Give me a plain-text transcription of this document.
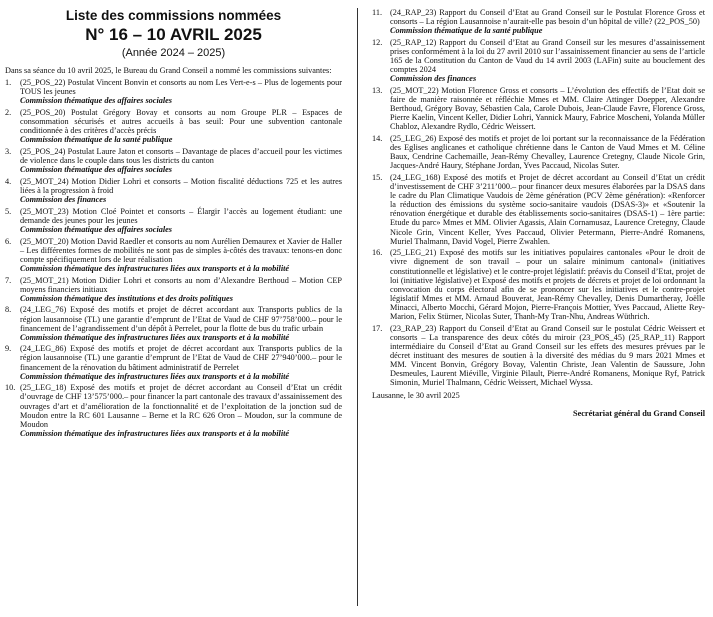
Liste des commissions nommées

N° 16 – 10 AVRIL 2025

(Année 2024 – 2025)

Dans sa séance du 10 avril 2025, le Bureau du Grand Conseil a nommé les commissions suivantes:

1. (25_POS_22) Postulat Vincent Bonvin et consorts au nom Les Vert-e-s – Plus de logements pour TOUS les jeunes
Commission thématique des affaires sociales
2. (25_POS_20) Postulat Grégory Bovay et consorts au nom Groupe PLR – Espaces de consommation sécurisés et autres accueils à bas seuil: Pour une subvention cantonale conditionnée à des critères d’accès précis
Commission thématique de la santé publique
3. (25_POS_24) Postulat Laure Jaton et consorts – Davantage de places d’accueil pour les victimes de violence dans le couple dans tous les districts du canton
Commission thématique des affaires sociales
4. (25_MOT_24) Motion Didier Lohri et consorts – Motion fiscalité déductions 725 et les autres liées à la progression à froid
Commission des finances
5. (25_MOT_23) Motion Cloé Pointet et consorts – Élargir l’accès au logement étudiant: une demande des jeunes pour les jeunes
Commission thématique des affaires sociales
6. (25_MOT_20) Motion David Raedler et consorts au nom Aurélien Demaurex et Xavier de Haller – Les différentes formes de mobilités ne sont pas de simples à-côtés des travaux: tenons-en donc compte spécifiquement lors de leur réalisation
Commission thématique des infrastructures liées aux transports et à la mobilité
7. (25_MOT_21) Motion Didier Lohri et consorts au nom d’Alexandre Berthoud – Motion CEP moyens financiers initiaux
Commission thématique des institutions et des droits politiques
8. (24_LEG_76) Exposé des motifs et projet de décret accordant aux Transports publics de la région lausannoise (TL) une garantie d’emprunt de l’Etat de Vaud de CHF 97’758’000.– pour le financement de l’agrandissement d’un dépôt à Perrelet, pour la flotte de bus du trafic urbain
Commission thématique des infrastructures liées aux transports et à la mobilité
9. (24_LEG_86) Exposé des motifs et projet de décret accordant aux Transports publics de la région lausannoise (TL) une garantie d’emprunt de l’Etat de Vaud de CHF 27’940’000.– pour le financement de la rénovation du bâtiment administratif de Perrelet
Commission thématique des infrastructures liées aux transports et à la mobilité
10. (25_LEG_18) Exposé des motifs et projet de décret accordant au Conseil d’Etat un crédit d’ouvrage de CHF 13’575’000.– pour financer la part cantonale des travaux d’assainissement des ouvrages d’art et d’amélioration de la fonctionnalité et de l’exploitation de la jonction sud de Moudon entre la RC 601 Lausanne – Berne et la RC 626 Oron – Moudon, sur la commune de Moudon
Commission thématique des infrastructures liées aux transports et à la mobilité
11. (24_RAP_23) Rapport du Conseil d’Etat au Grand Conseil sur le Postulat Florence Gross et consorts – La région Lausannoise n’aurait-elle pas besoin d’un hôpital de ville? (22_POS_50)
Commission thématique de la santé publique
12. (25_RAP_12) Rapport du Conseil d’Etat au Grand Conseil sur les mesures d’assainissement prises conformément à la loi du 27 avril 2010 sur l’assainissement financier au sens de l’article 165 de la Constitution du Canton de Vaud du 14 avril 2003 (LAFin) suite au bouclement des comptes 2024
Commission des finances
13. (25_MOT_22) Motion Florence Gross et consorts – L’évolution des effectifs de l’Etat doit se faire de manière raisonnée et réfléchie Mmes et MM. Claire Attinger Doepper, Alexandre Berthoud, Grégory Bovay, Sébastien Cala, Carole Dubois, Jean-Claude Favre, Florence Gross, Pierre Kaelin, Vincent Keller, Didier Lohri, Yannick Maury, Fabrice Moscheni, Yolanda Müller Chabloz, Alexandre Rydlo, Cédric Weissert.
14. (25_LEG_26) Exposé des motifs et projet de loi portant sur la reconnaissance de la Fédération des Eglises anglicanes et catholique chrétienne dans le Canton de Vaud Mmes et M. Céline Baux, Cendrine Cachemaille, Jean-Rémy Chevalley, Laurence Cretegny, Claude Nicole Grin, Jacques-André Haury, Stéphane Jordan, Yves Paccaud, Nicolas Suter.
15. (24_LEG_168) Exposé des motifs et Projet de décret accordant au Conseil d’Etat un crédit d’investissement de CHF 3’211’000.– pour financer deux mesures élaborées par la DSAS dans le cadre du Plan Climatique Vaudois de 2ème génération (PCV 2ème génération): «Renforcer la réduction des émissions du système socio-sanitaire vaudois (DSAS-3)» et «Soutenir la rénovation énergétique et durable des établissements socio-sanitaires (DSAS-1) – 1ère partie: Etude du parc» Mmes et MM. Olivier Agassis, Alain Cornamusaz, Laurence Cretegny, Claude Nicole Grin, Vincent Keller, Yves Paccaud, Olivier Petermann, Pierre-André Romanens, Muriel Thalmann, David Vogel, Pierre Zwahlen.
16. (25_LEG_21) Exposé des motifs sur les initiatives populaires cantonales «Pour le droit de vivre dignement de son travail – pour un salaire minimum cantonal» (initiatives constitutionnelle et législative) et le contre-projet législatif: préavis du Conseil d’Etat, projet de loi (initiative législative) et Exposé des motifs et projets de décrets et projet de loi ordonnant la convocation du corps électoral afin de se prononcer sur les initiatives et le contre-projet législatif Mmes et MM. Arnaud Bouverat, Jean-Rémy Chevalley, Denis Dumartheray, Joëlle Minacci, Alberto Mocchi, Gérard Mojon, Pierre-François Mottier, Yves Paccaud, Aliette Rey-Marion, Felix Stürner, Nicolas Suter, Thanh-My Tran-Nhu, Andreas Wüthrich.
17. (23_RAP_23) Rapport du Conseil d’Etat au Grand Conseil sur le postulat Cédric Weissert et consorts – La transparence des deux côtés du miroir (23_POS_45) (25_RAP_11) Rapport intermédiaire du Conseil d’Etat au Grand Conseil sur les effets des mesures prévues par le décret instituant des mesures de soutien à la diversité des médias du 9 mars 2021 Mmes et MM. Vincent Bonvin, Grégory Bovay, Valentin Christe, Jean Valentin de Saussure, John Desmeules, Laurent Miéville, Virginie Pilault, Pierre-André Romanens, Monique Ryf, Patrick Simonin, Muriel Thalmann, Cédric Weissert, Michael Wyssa.

Lausanne, le 30 avril 2025

Secrétariat général du Grand Conseil
